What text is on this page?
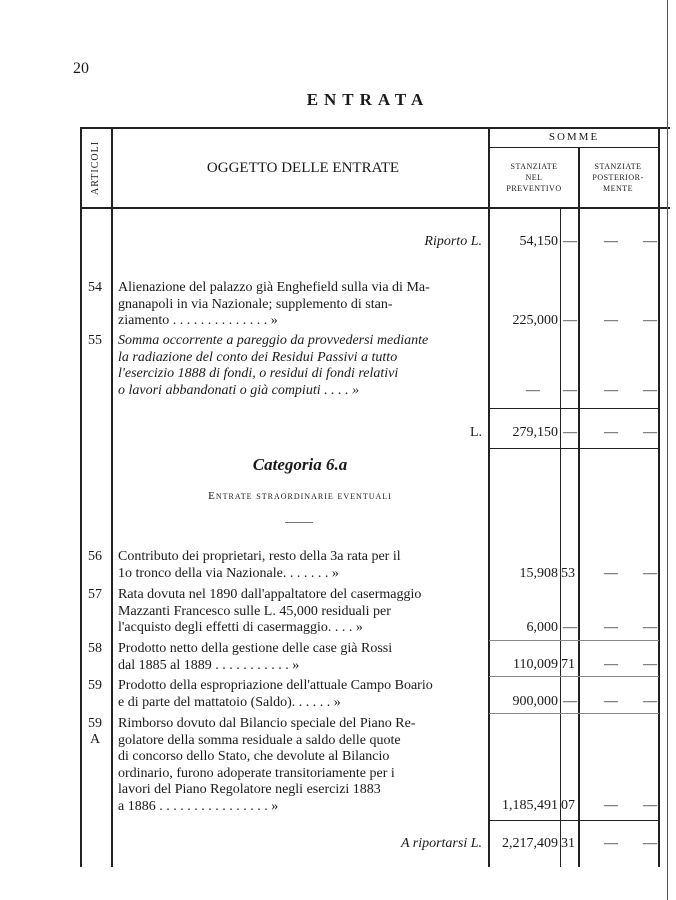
20
ENTRATA
ARTICOLI	OGGETTO DELLE ENTRATE
SOMME
STANZIATE
NEL
PREVENTIVO
STANZIATE
POSTERIOR-
MENTE
Riporto L.	54,150 — — —
54	Alienazione del palazzo già Enghefield sulla via di Ma-
gnanapoli in via Nazionale; supplemento di stan-
ziamento . . . . . . . . . . . . . . »	225,000 — — —
55	Somma occorrente a pareggio da provvedersi mediante
la radiazione del conto dei Residui Passivi a tutto
l'esercizio 1888 di fondi, o residui di fondi relativi
o lavori abbandonati o già compiuti . . . . »	—	— — —
L.	279,150 — — —
Categoria 6.a
Entrate straordinarie eventuali
56	Contributo dei proprietari, resto della 3a rata per il
1o tronco della via Nazionale. . . . . . . »	15,908 53	— —
57	Rata dovuta nel 1890 dall'appaltatore del casermaggio
Mazzanti Francesco sulle L. 45,000 residuali per
l'acquisto degli effetti di casermaggio. . . . »	6,000 — — —
58	Prodotto netto della gestione delle case già Rossi
dal 1885 al 1889 . . . . . . . . . . . »	110,009 71	— —
59	Prodotto della espropriazione dell'attuale Campo Boario
e di parte del mattatoio (Saldo). . . . . . »	900,000 — — —
59 A
Rimborso dovuto dal Bilancio speciale del Piano Re-
golatore della somma residuale a saldo delle quote
di concorso dello Stato, che devolute al Bilancio
ordinario, furono adoperate transitoriamente per i
lavori del Piano Regolatore negli esercizi 1883
a 1886 . . . . . . . . . . . . . . . . »	1,185,491 07	— —
A riportarsi L.	2,217,409 31	— —
